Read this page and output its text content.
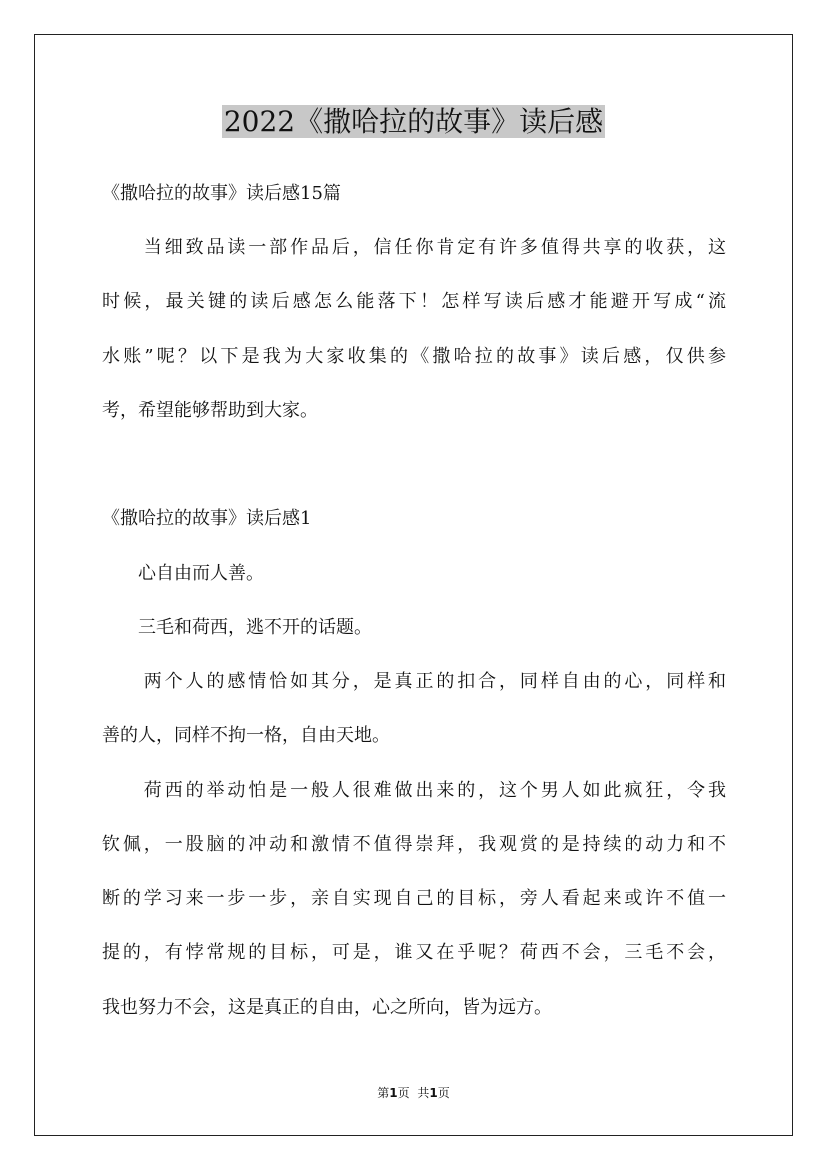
2022《撒哈拉的故事》读后感
《撒哈拉的故事》读后感15篇
　　当细致品读一部作品后，信任你肯定有许多值得共享的收获，这
时候，最关键的读后感怎么能落下！怎样写读后感才能避开写成“流
水账”呢？以下是我为大家收集的《撒哈拉的故事》读后感，仅供参
考，希望能够帮助到大家。
《撒哈拉的故事》读后感1
　　心自由而人善。
　　三毛和荷西，逃不开的话题。
　　两个人的感情恰如其分，是真正的扣合，同样自由的心，同样和
善的人，同样不拘一格，自由天地。
　　荷西的举动怕是一般人很难做出来的，这个男人如此疯狂，令我
钦佩，一股脑的冲动和激情不值得崇拜，我观赏的是持续的动力和不
断的学习来一步一步，亲自实现自己的目标，旁人看起来或许不值一
提的，有悖常规的目标，可是，谁又在乎呢？荷西不会，三毛不会，
我也努力不会，这是真正的自由，心之所向，皆为远方。
第1页 共1页
